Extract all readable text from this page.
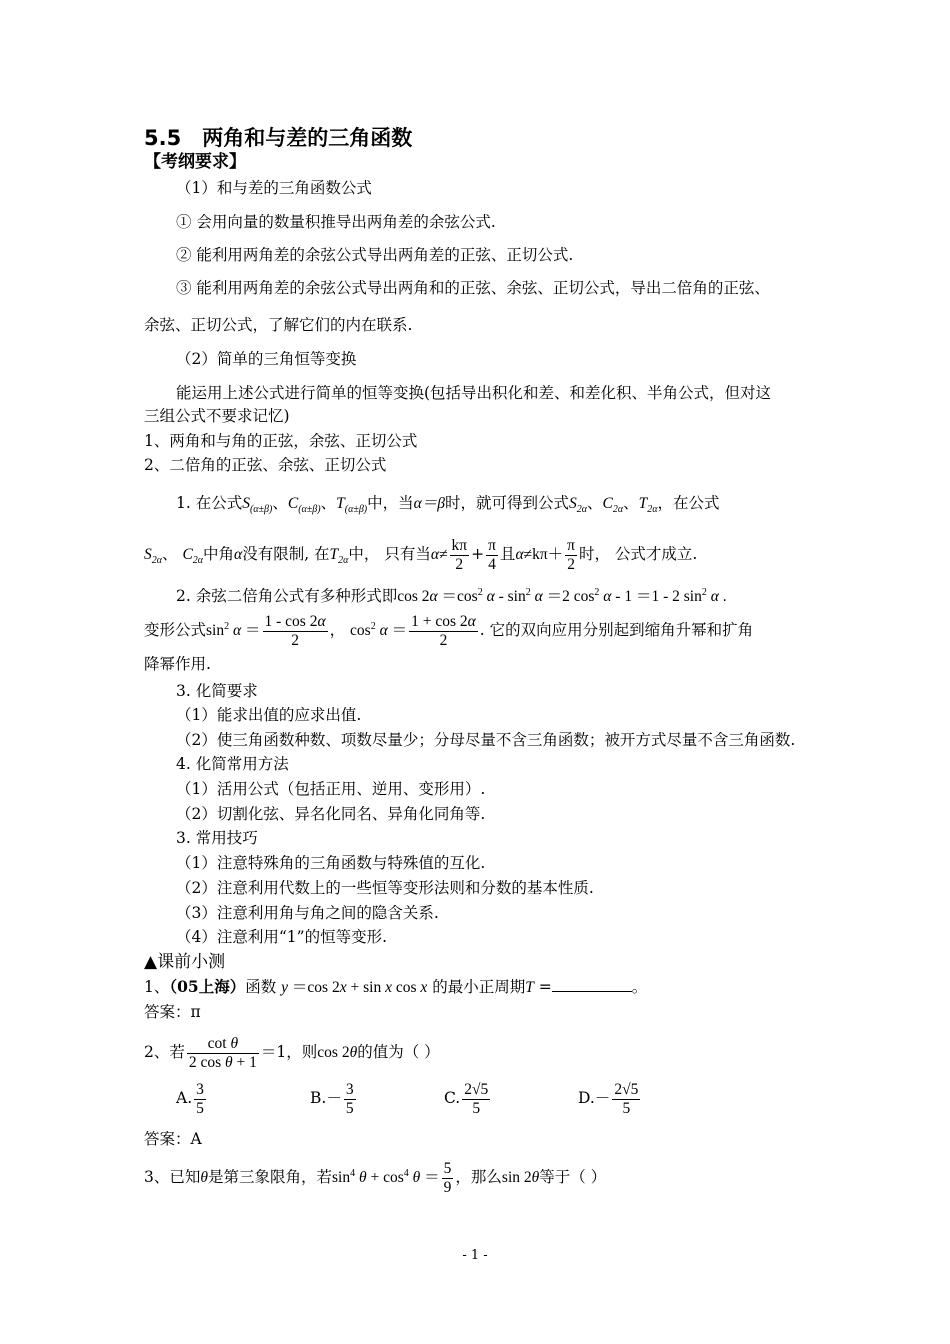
5.5　两角和与差的三角函数
【考纲要求】
（1）和与差的三角函数公式
① 会用向量的数量积推导出两角差的余弦公式.
② 能利用两角差的余弦公式导出两角差的正弦、正切公式.
③ 能利用两角差的余弦公式导出两角和的正弦、余弦、正切公式，导出二倍角的正弦、
余弦、正切公式，了解它们的内在联系.
（2）简单的三角恒等变换
能运用上述公式进行简单的恒等变换(包括导出积化和差、和差化积、半角公式，但对这
三组公式不要求记忆)
1、两角和与角的正弦，余弦、正切公式
2、二倍角的正弦、余弦、正切公式
1. 在公式$S_{(\alpha\pm\beta)}$、$C_{(\alpha\pm\beta)}$、$T_{(\alpha\pm\beta)}$中，当α＝β时，就可得到公式$S_{2\alpha}$、$C_{2\alpha}$、$T_{2\alpha}$，在公式
$S_{2\alpha}$、 $C_{2\alpha}$中角α没有限制, 在$T_{2\alpha}$中， 只有当$\alpha\ne \frac{k\pi}{2} + \frac{\pi}{4}$ 且$\alpha\ne k\pi+ \frac{\pi}{2}$ 时， 公式才成立.
2. 余弦二倍角公式有多种形式即$\cos 2\alpha =\cos^2$ $\alpha - \sin^2 \alpha =2$ $\cos^2 \alpha - 1 =1 - 2$ $\sin^2 \alpha$ .
变形公式$\sin^2 \alpha = \frac{1 - \cos 2\alpha}{2}$ ， $\cos^2 \alpha = \frac{1 + \cos 2\alpha}{2}$ . 它的双向应用分别起到缩角升幂和扩角
降幂作用.
3. 化简要求
（1）能求出值的应求出值.
（2）使三角函数种数、项数尽量少；分母尽量不含三角函数；被开方式尽量不含三角函数.
4. 化简常用方法
（1）活用公式（包括正用、逆用、变形用）.
（2）切割化弦、异名化同名、异角化同角等.
3. 常用技巧
（1）注意特殊角的三角函数与特殊值的互化.
（2）注意利用代数上的一些恒等变形法则和分数的基本性质.
（3）注意利用角与角之间的隐含关系.
（4）注意利用“1”的恒等变形.
▲课前小测
1、（05上海）函数 y ＝cos 2x + sin x cos x 的最小正周期T =	。
答案：π
2、若 $\frac{\text{cot θ}}{\text{2 cos θ + 1}} =1$，则cos 2θ的值为（ ）
A. $\frac{3}{5}$	$B.- \frac{3}{5}$	C. $\frac{2√5}{5}$	$D.- \frac{2√5}{5}$
答案：A
3、已知θ是第三象限角，若$\sin^4 \theta + \cos^4 \theta = \frac{5}{9}$ ，那么sin 2θ等于（ ）
- 1 -
